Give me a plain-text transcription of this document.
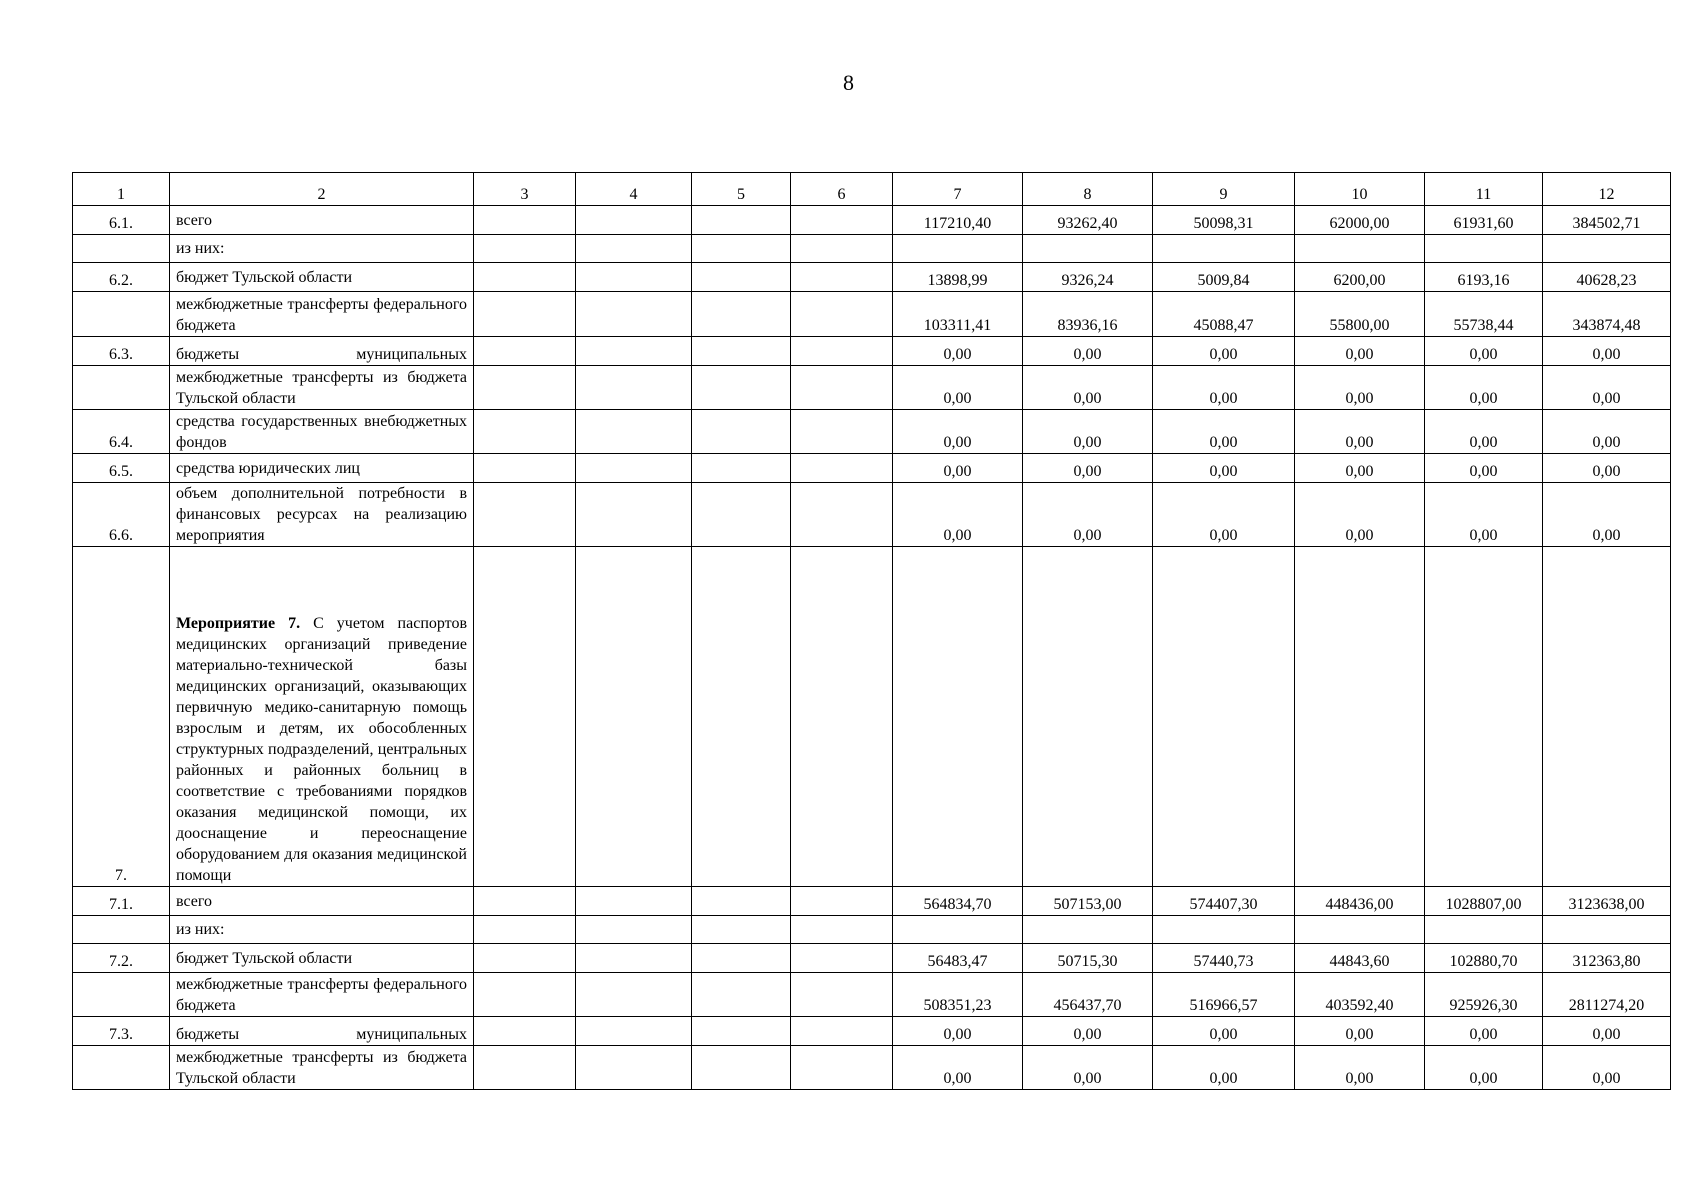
8
1	2	3	4	5	6	7	8	9	10	11	12
6.1.	всего					117210,40	93262,40	50098,31	62000,00	61931,60	384502,71
	из них:										
6.2.	бюджет Тульской области					13898,99	9326,24	5009,84	6200,00	6193,16	40628,23
	межбюджетные трансферты федерального бюджета					103311,41	83936,16	45088,47	55800,00	55738,44	343874,48
6.3.	бюджеты муниципальных					0,00	0,00	0,00	0,00	0,00	0,00
	межбюджетные трансферты из бюджета Тульской области					0,00	0,00	0,00	0,00	0,00	0,00
6.4.	средства государственных внебюджетных фондов					0,00	0,00	0,00	0,00	0,00	0,00
6.5.	средства юридических лиц					0,00	0,00	0,00	0,00	0,00	0,00
6.6.	объем дополнительной потребности в финансовых ресурсах на реализацию мероприятия					0,00	0,00	0,00	0,00	0,00	0,00
7.	Мероприятие 7. С учетом паспортов медицинских организаций приведение материально-технической базы медицинских организаций, оказывающих первичную медико-санитарную помощь взрослым и детям, их обособленных структурных подразделений, центральных районных и районных больниц в соответствие с требованиями порядков оказания медицинской помощи, их дооснащение и переоснащение оборудованием для оказания медицинской помощи										
7.1.	всего					564834,70	507153,00	574407,30	448436,00	1028807,00	3123638,00
	из них:										
7.2.	бюджет Тульской области					56483,47	50715,30	57440,73	44843,60	102880,70	312363,80
	межбюджетные трансферты федерального бюджета					508351,23	456437,70	516966,57	403592,40	925926,30	2811274,20
7.3.	бюджеты муниципальных					0,00	0,00	0,00	0,00	0,00	0,00
	межбюджетные трансферты из бюджета Тульской области					0,00	0,00	0,00	0,00	0,00	0,00
